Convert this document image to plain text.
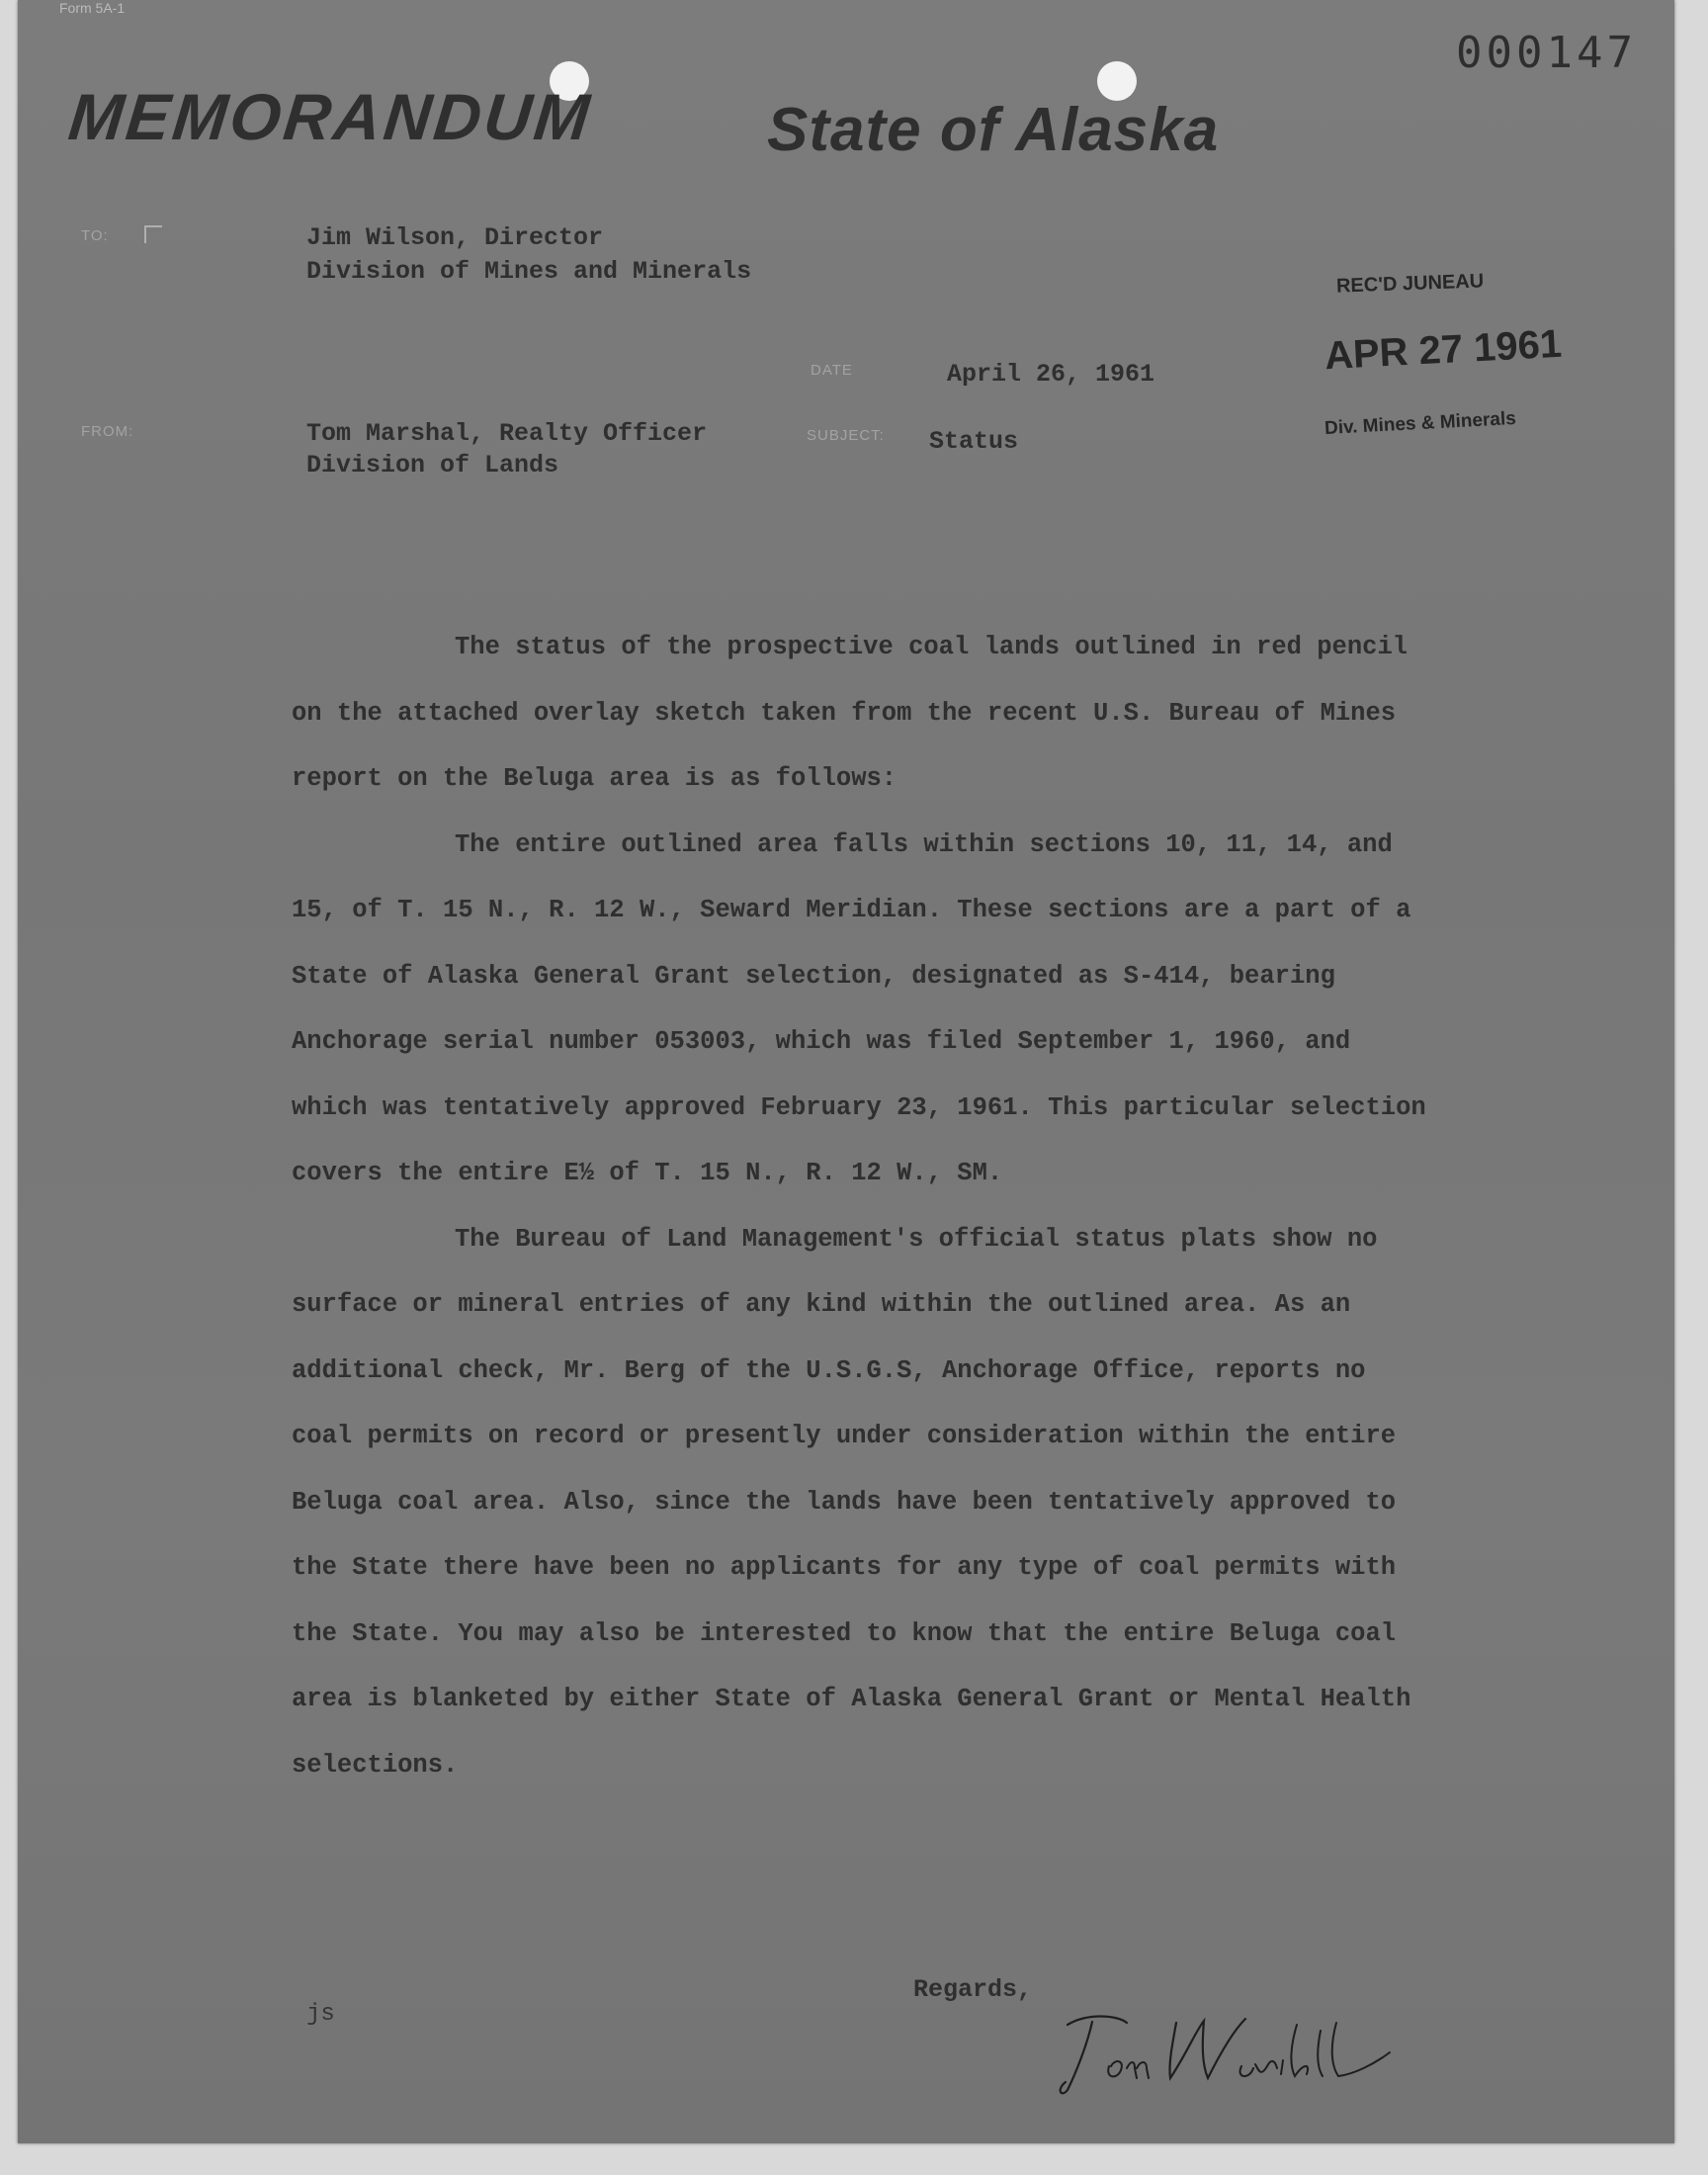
Form 5A-1
000147
MEMORANDUM	State of Alaska
TO:	Jim Wilson, Director
Division of Mines and Minerals
DATE	April 26, 1961
FROM:	Tom Marshal, Realty Officer
Division of Lands
SUBJECT: Status
REC'D JUNEAU
APR 27 1961
Div. Mines & Minerals

The status of the prospective coal lands outlined in red pencil on the attached overlay sketch taken from the recent U.S. Bureau of Mines report on the Beluga area is as follows:

The entire outlined area falls within sections 10, 11, 14, and 15, of T. 15 N., R. 12 W., Seward Meridian. These sections are a part of a State of Alaska General Grant selection, designated as S-414, bearing Anchorage serial number 053003, which was filed September 1, 1960, and which was tentatively approved February 23, 1961. This particular selection covers the entire E½ of T. 15 N., R. 12 W., SM.

The Bureau of Land Management's official status plats show no surface or mineral entries of any kind within the outlined area. As an additional check, Mr. Berg of the U.S.G.S, Anchorage Office, reports no coal permits on record or presently under consideration within the entire Beluga coal area. Also, since the lands have been tentatively approved to the State there have been no applicants for any type of coal permits with the State. You may also be interested to know that the entire Beluga coal area is blanketed by either State of Alaska General Grant or Mental Health selections.

Regards,
js
